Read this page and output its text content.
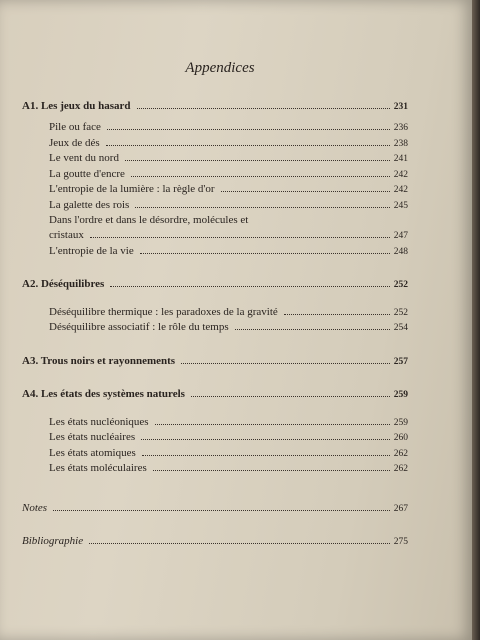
Appendices
A1. Les jeux du hasard	231
Pile ou face	236
Jeux de dés	238
Le vent du nord	241
La goutte d'encre	242
L'entropie de la lumière : la règle d'or	242
La galette des rois	245
Dans l'ordre et dans le désordre, molécules et
cristaux	247
L'entropie de la vie	248
A2. Déséquilibres	252
Déséquilibre thermique : les paradoxes de la gravité	252
Déséquilibre associatif : le rôle du temps	254
A3. Trous noirs et rayonnements	257
A4. Les états des systèmes naturels	259
Les états nucléoniques	259
Les états nucléaires	260
Les états atomiques	262
Les états moléculaires	262
Notes	267
Bibliographie	275
